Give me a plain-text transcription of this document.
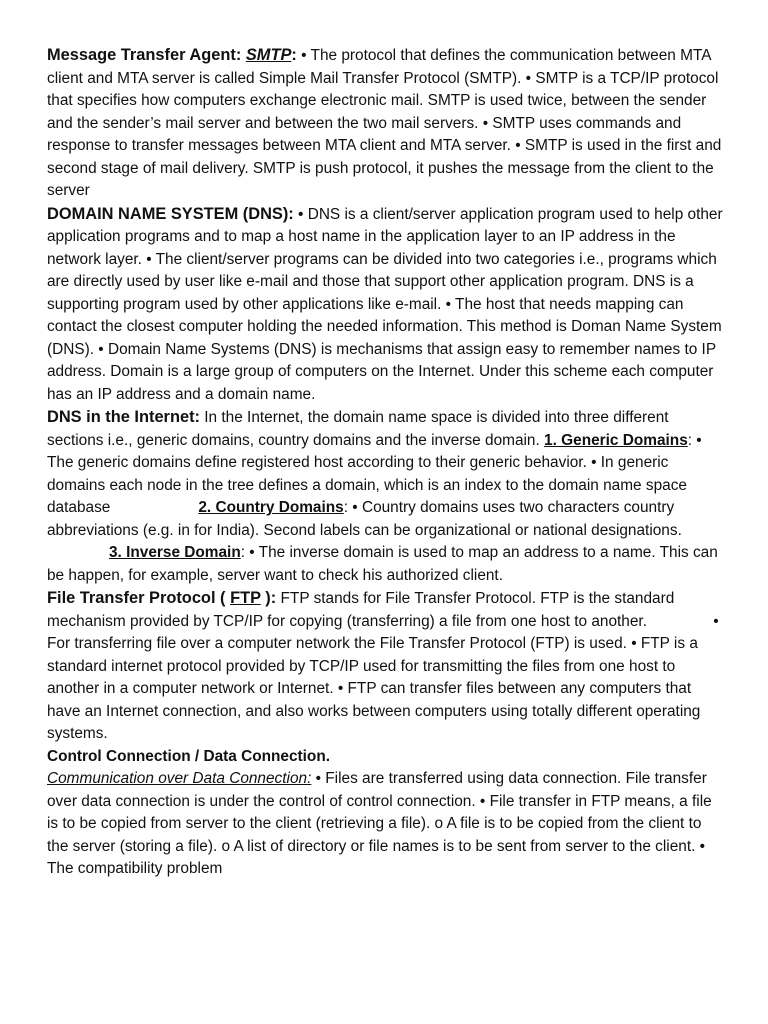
Message Transfer Agent: SMTP: • The protocol that defines the communication between MTA client and MTA server is called Simple Mail Transfer Protocol (SMTP). • SMTP is a TCP/IP protocol that specifies how computers exchange electronic mail. SMTP is used twice, between the sender and the sender’s mail server and between the two mail servers. • SMTP uses commands and response to transfer messages between MTA client and MTA server. • SMTP is used in the first and second stage of mail delivery. SMTP is push protocol, it pushes the message from the client to the server

DOMAIN NAME SYSTEM (DNS): • DNS is a client/server application program used to help other application programs and to map a host name in the application layer to an IP address in the network layer. • The client/server programs can be divided into two categories i.e., programs which are directly used by user like e-mail and those that support other application program. DNS is a supporting program used by other applications like e-mail. • The host that needs mapping can contact the closest computer holding the needed information. This method is Doman Name System (DNS). • Domain Name Systems (DNS) is mechanisms that assign easy to remember names to IP address. Domain is a large group of computers on the Internet. Under this scheme each computer has an IP address and a domain name.

DNS in the Internet: In the Internet, the domain name space is divided into three different sections i.e., generic domains, country domains and the inverse domain. 1. Generic Domains: • The generic domains define registered host according to their generic behavior. • In generic domains each node in the tree defines a domain, which is an index to the domain name space database	2. Country Domains: • Country domains uses two characters country abbreviations (e.g. in for India). Second labels can be organizational or national designations.3. Inverse Domain: • The inverse domain is used to map an address to a name. This can be happen, for example, server want to check his authorized client.

File Transfer Protocol ( FTP ): FTP stands for File Transfer Protocol. FTP is the standard mechanism provided by TCP/IP for copying (transferring) a file from one host to another.	• For transferring file over a computer network the File Transfer Protocol (FTP) is used. • FTP is a standard internet protocol provided by TCP/IP used for transmitting the files from one host to another in a computer network or Internet. • FTP can transfer files between any computers that have an Internet connection, and also works between computers using totally different operating systems.

Control Connection / Data Connection.

Communication over Data Connection: • Files are transferred using data connection. File transfer over data connection is under the control of control connection. • File transfer in FTP means, a file is to be copied from server to the client (retrieving a file). o A file is to be copied from the client to the server (storing a file). o A list of directory or file names is to be sent from server to the client. • The compatibility problem
